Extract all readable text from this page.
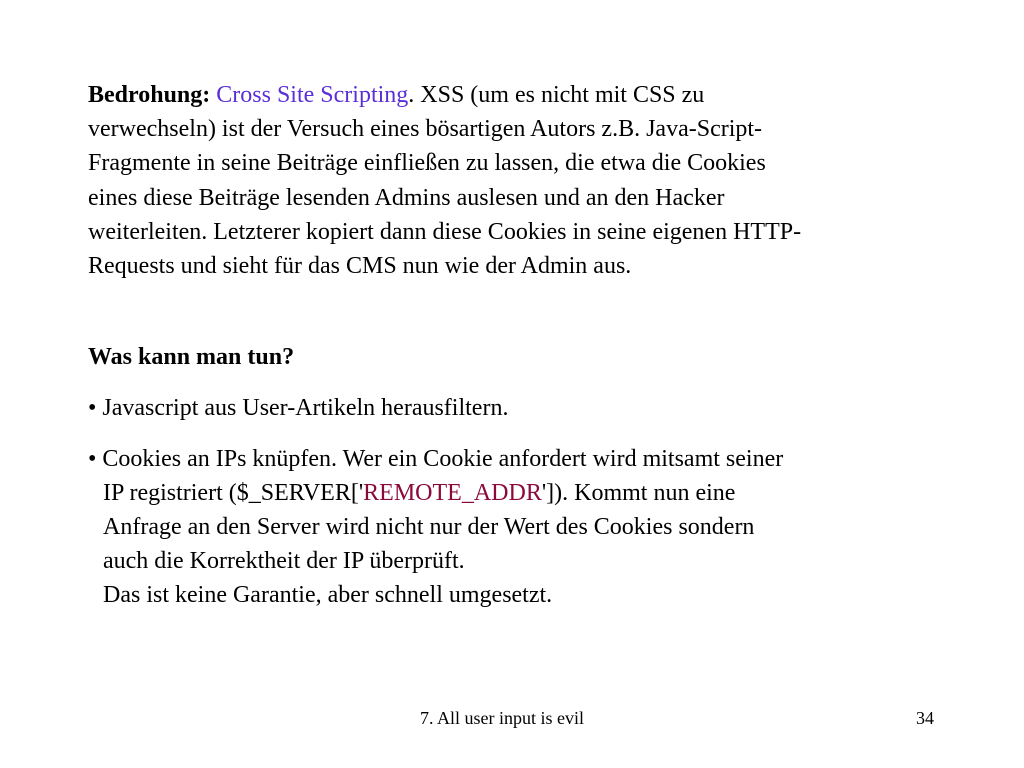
Bedrohung: Cross Site Scripting. XSS (um es nicht mit CSS zu
verwechseln) ist der Versuch eines bösartigen Autors z.B. Java-Script-
Fragmente in seine Beiträge einfließen zu lassen, die etwa die Cookies
eines diese Beiträge lesenden Admins auslesen und an den Hacker
weiterleiten. Letzterer kopiert dann diese Cookies in seine eigenen HTTP-
Requests und sieht für das CMS nun wie der Admin aus.
Was kann man tun?
• Javascript aus User-Artikeln herausfiltern.
• Cookies an IPs knüpfen. Wer ein Cookie anfordert wird mitsamt seiner
IP registriert ($_SERVER['REMOTE_ADDR']). Kommt nun eine
Anfrage an den Server wird nicht nur der Wert des Cookies sondern
auch die Korrektheit der IP überprüft.
Das ist keine Garantie, aber schnell umgesetzt.
7. All user input is evil	34
